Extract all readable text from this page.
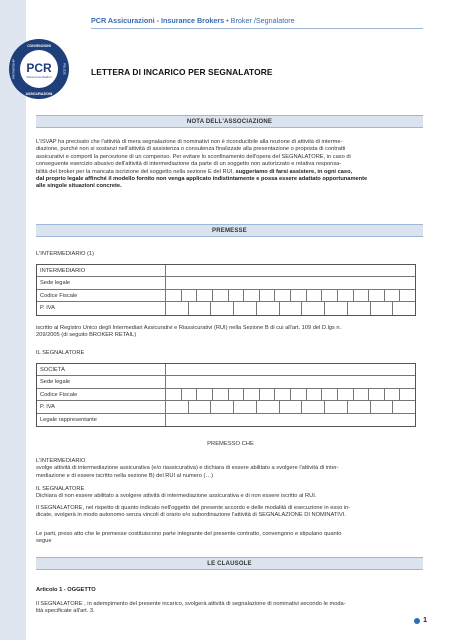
PCR Assicurazioni - Insurance Brokers • Broker /Segnalatore
CONVENZIONI
ASSICURAZIONI
PARTNERSHIP	POLIZZE
PCR
Pensa Come Realizzi
LETTERA DI INCARICO PER SEGNALATORE
NOTA DELL'ASSOCIAZIONE
L'ISVAP ha precisato che l'attività di mera segnalazione di nominativi non è riconducibile alla nozione di attività di interme-
diazione, purché non si sostanzi nell'attività di assistenza o consulenza finalizzate alla presentazione o proposta di contratti
assicurativi e comporti la percezione di un compenso. Per evitare lo sconfinamento dell'opera del SEGNALATORE, in caso di
conseguente esercizio abusivo dell'attività di intermediazione da parte di un soggetto non autorizzato e relativa responsa-
bilità del broker per la mancata iscrizione del soggetto nella sezione E del RUI, suggeriamo di farsi assistere, in ogni caso,
dal proprio legale affinché il modello fornito non venga applicato indistintamente e possa essere adattato opportunamente
alle singole situazioni concrete.
PREMESSE
L'INTERMEDIARIO (1)
INTERMEDIARIO
Sede legale
Codice Fiscale
P. IVA
iscritto al Registro Unico degli Intermediari Assicurativi e Riassicurativi (RUI) nella Sezione B di cui all'art. 109 del D.lgs n.
209/2005 (di seguito BROKER RETAIL)
IL SEGNALATORE
SOCIETÀ
Sede legale
Codice Fiscale
P. IVA
Legale rappresentante
PREMESSO CHE
L'INTERMEDIARIO
svolge attività di intermediazione assicurativa (e/o riassicurativa) e dichiara di essere abilitato a svolgere l'attività di inter-
mediazione e di essere iscritto nella sezione B) del RUI al numero (…)
IL SEGNALATORE
Dichiara di non essere abilitato a svolgere attività di intermediazione assicurativa e di non essere iscritto al RUI.
Il SEGNALATORE, nel rispetto di quanto indicato nell'oggetto del presente accordo e delle modalità di esecuzione in esso in-
dicate, svolgerà in modo autonomo senza vincoli di orario e/o subordinazione l'attività di SEGNALAZIONE DI NOMINATIVI.
Le parti, preso atto che le premesse costituiscono parte integrante del presente contratto, convengono e stipulano quanto
segue
LE CLAUSOLE
Articolo 1 - OGGETTO
Il SEGNALATORE , in adempimento del presente incarico, svolgerà attività di segnalazione di nominativi secondo le moda-
lità specificate all'art. 3.
1
